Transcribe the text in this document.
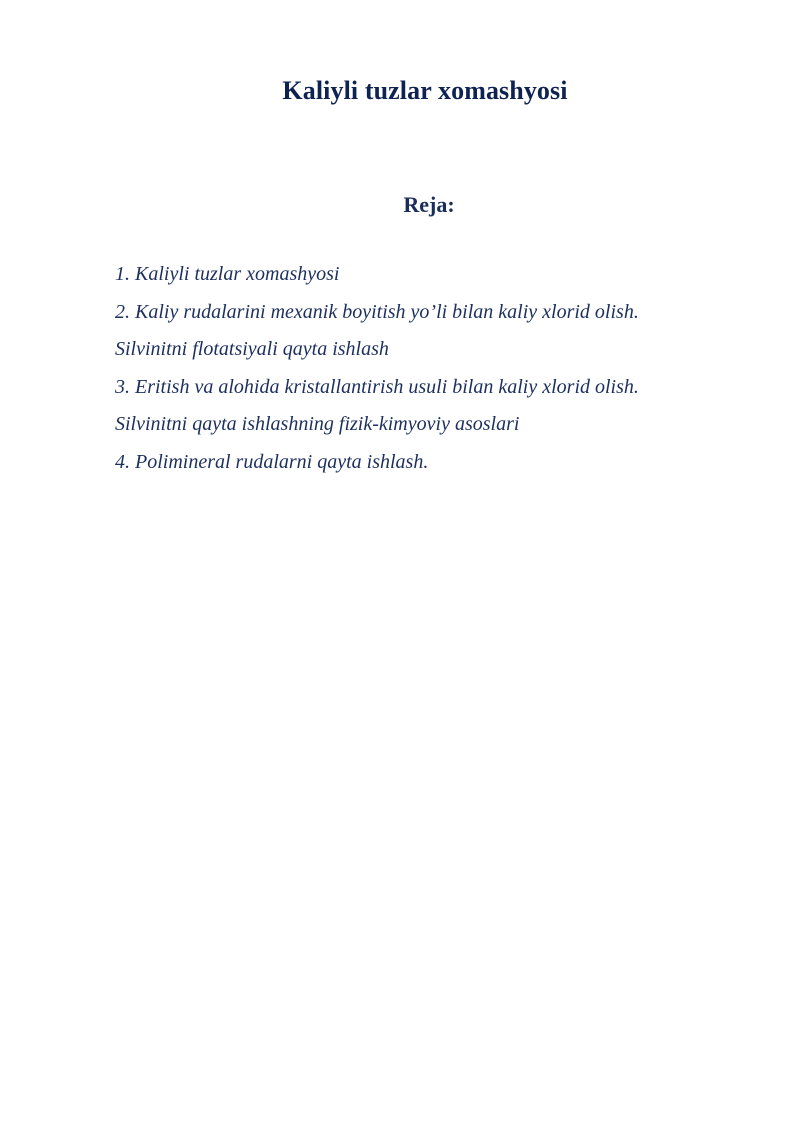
Kaliyli tuzlar xomashyosi
Reja:
1. Kaliyli tuzlar xomashyosi
2. Kaliy rudalarini mexanik boyitish yo’li bilan kaliy xlorid olish.
Silvinitni flotatsiyali qayta ishlash
3. Eritish va alohida kristallantirish usuli bilan kaliy xlorid olish.
Silvinitni qayta ishlashning fizik-kimyoviy asoslari
4. Polimineral rudalarni qayta ishlash.
